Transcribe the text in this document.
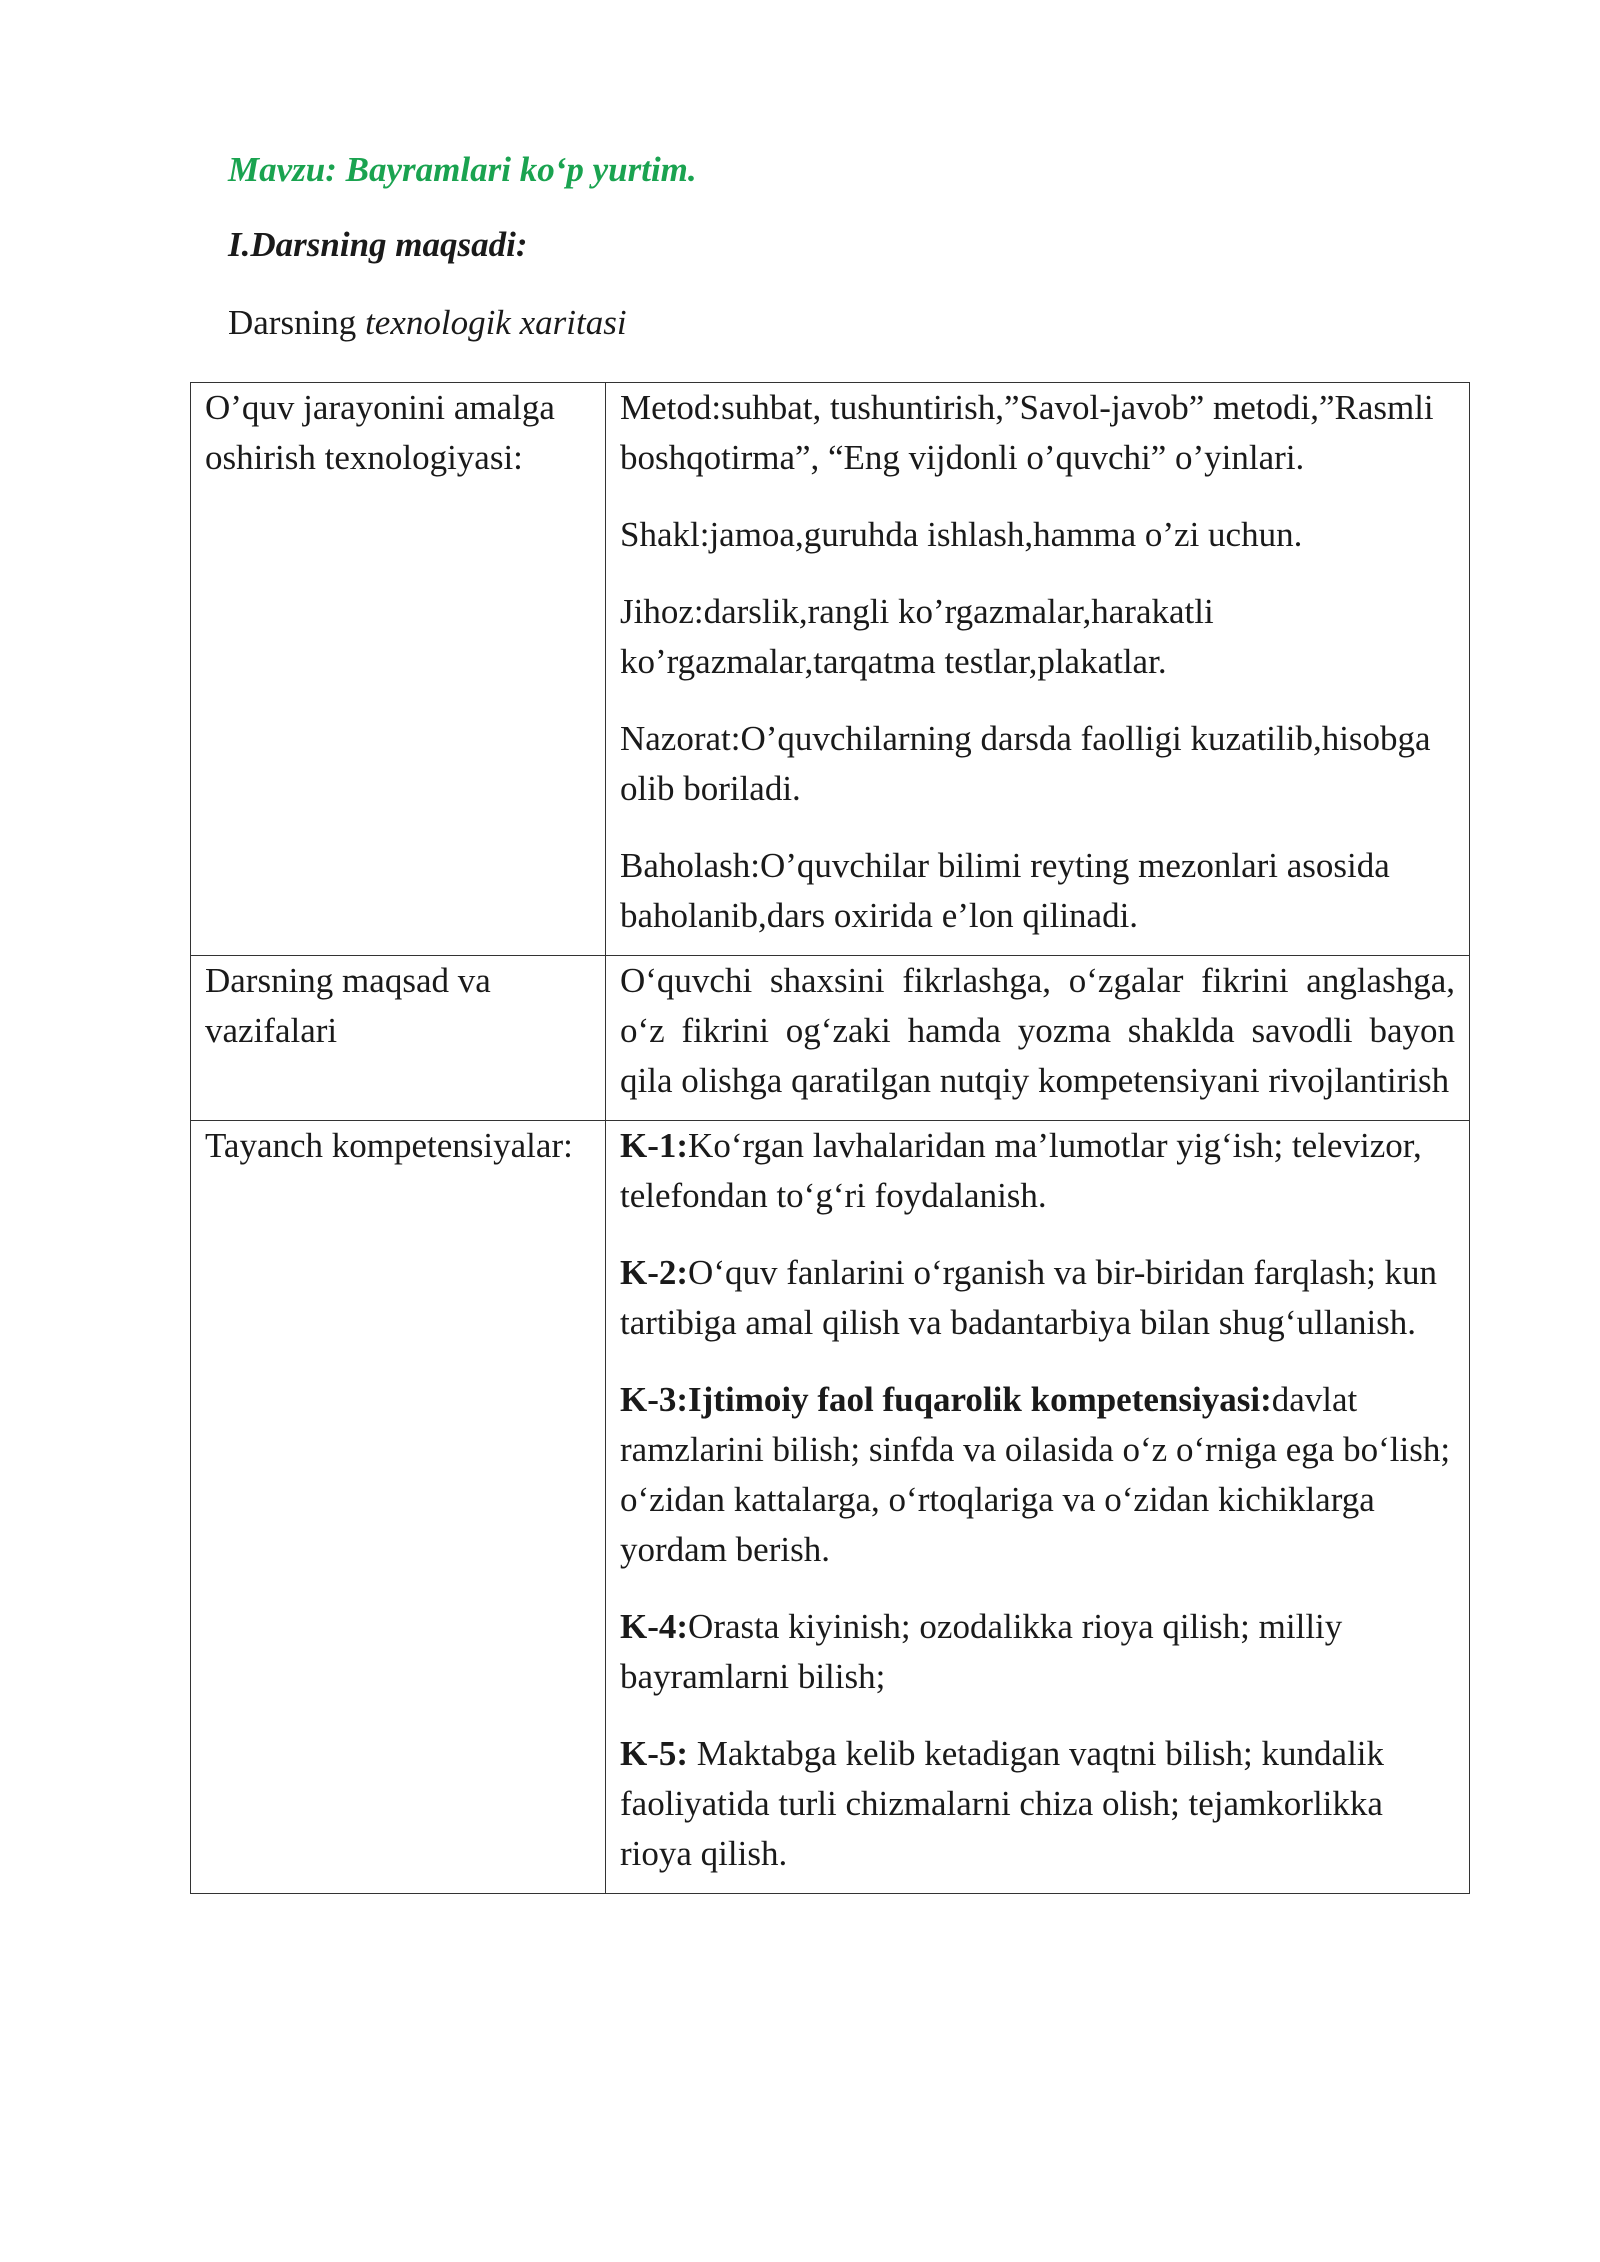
Mavzu: Bayramlari ko‘p yurtim.

I.Darsning maqsadi:

Darsning texnologik xaritasi

O’quv jarayonini amalga oshirish texnologiyasi:	Metod:suhbat, tushuntirish,”Savol-javob” metodi,”Rasmli boshqotirma”, “Eng vijdonli o’quvchi” o’yinlari.

Shakl:jamoa,guruhda ishlash,hamma o’zi uchun.

Jihoz:darslik,rangli ko’rgazmalar,harakatli ko’rgazmalar,tarqatma testlar,plakatlar.

Nazorat:O’quvchilarning darsda faolligi kuzatilib,hisobga olib boriladi.

Baholash:O’quvchilar bilimi reyting mezonlari asosida baholanib,dars oxirida e’lon qilinadi.

Darsning maqsad va vazifalari	O‘quvchi shaxsini fikrlashga, o‘zgalar fikrini anglashga, o‘z fikrini og‘zaki hamda yozma shaklda savodli bayon qila olishga qaratilgan nutqiy kompetensiyani rivojlantirish

Tayanch kompetensiyalar:	K-1:Ko‘rgan lavhalaridan ma’lumotlar yig‘ish; televizor, telefondan to‘g‘ri foydalanish.

K-2:O‘quv fanlarini o‘rganish va bir-biridan farqlash; kun tartibiga amal qilish va badantarbiya bilan shug‘ullanish.

K-3:Ijtimoiy faol fuqarolik kompetensiyasi:davlat ramzlarini bilish; sinfda va oilasida o‘z o‘rniga ega bo‘lish; o‘zidan kattalarga, o‘rtoqlariga va o‘zidan kichiklarga yordam berish.

K-4:Orasta kiyinish; ozodalikka rioya qilish; milliy bayramlarni bilish;

K-5: Maktabga kelib ketadigan vaqtni bilish; kundalik faoliyatida turli chizmalarni chiza olish; tejamkorlikka rioya qilish.
